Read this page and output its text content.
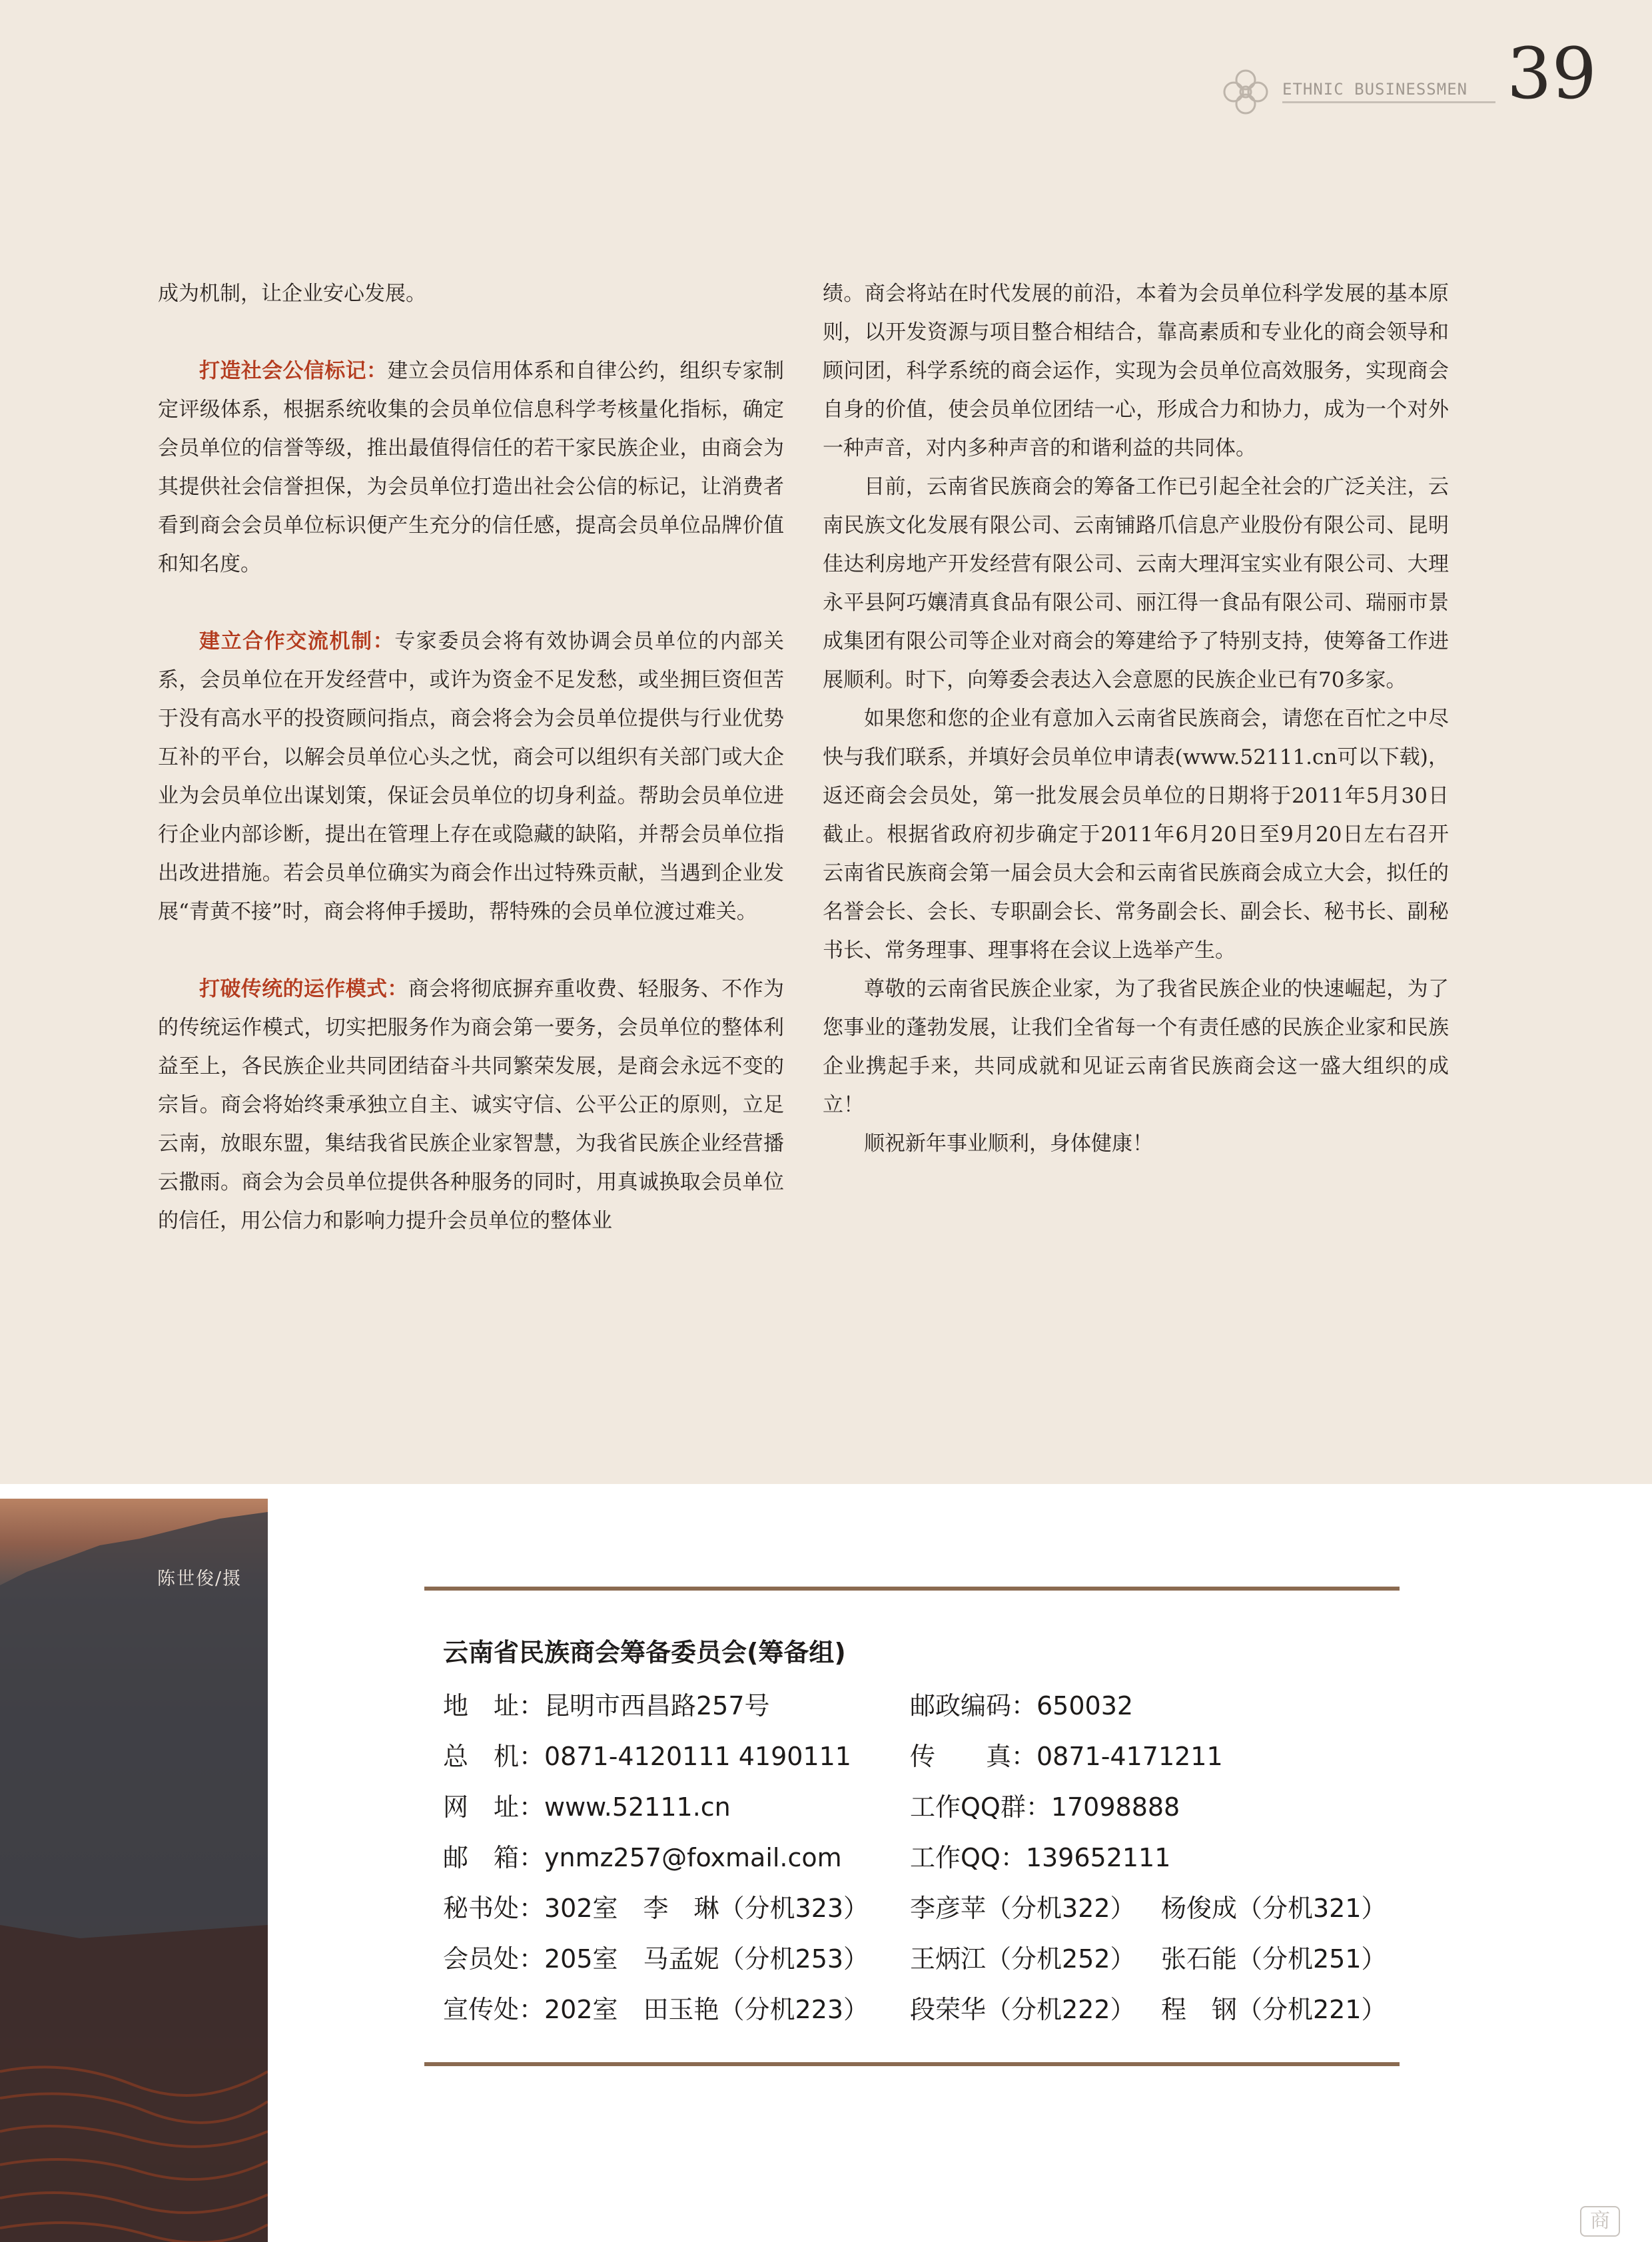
ETHNIC BUSINESSMEN 39

成为机制，让企业安心发展。

打造社会公信标记：建立会员信用体系和自律公约，组织专家制定评级体系，根据系统收集的会员单位信息科学考核量化指标，确定会员单位的信誉等级，推出最值得信任的若干家民族企业，由商会为其提供社会信誉担保，为会员单位打造出社会公信的标记，让消费者看到商会会员单位标识便产生充分的信任感，提高会员单位品牌价值和知名度。

建立合作交流机制：专家委员会将有效协调会员单位的内部关系，会员单位在开发经营中，或许为资金不足发愁，或坐拥巨资但苦于没有高水平的投资顾问指点，商会将会为会员单位提供与行业优势互补的平台，以解会员单位心头之忧，商会可以组织有关部门或大企业为会员单位出谋划策，保证会员单位的切身利益。帮助会员单位进行企业内部诊断，提出在管理上存在或隐藏的缺陷，并帮会员单位指出改进措施。若会员单位确实为商会作出过特殊贡献，当遇到企业发展“青黄不接”时，商会将伸手援助，帮特殊的会员单位渡过难关。

打破传统的运作模式：商会将彻底摒弃重收费、轻服务、不作为的传统运作模式，切实把服务作为商会第一要务，会员单位的整体利益至上，各民族企业共同团结奋斗共同繁荣发展，是商会永远不变的宗旨。商会将始终秉承独立自主、诚实守信、公平公正的原则，立足云南，放眼东盟，集结我省民族企业家智慧，为我省民族企业经营播云撒雨。商会为会员单位提供各种服务的同时，用真诚换取会员单位的信任，用公信力和影响力提升会员单位的整体业

绩。商会将站在时代发展的前沿，本着为会员单位科学发展的基本原则，以开发资源与项目整合相结合，靠高素质和专业化的商会领导和顾问团，科学系统的商会运作，实现为会员单位高效服务，实现商会自身的价值，使会员单位团结一心，形成合力和协力，成为一个对外一种声音，对内多种声音的和谐利益的共同体。

目前，云南省民族商会的筹备工作已引起全社会的广泛关注，云南民族文化发展有限公司、云南铺路爪信息产业股份有限公司、昆明佳达利房地产开发经营有限公司、云南大理洱宝实业有限公司、大理永平县阿巧孃清真食品有限公司、丽江得一食品有限公司、瑞丽市景成集团有限公司等企业对商会的筹建给予了特别支持，使筹备工作进展顺利。时下，向筹委会表达入会意愿的民族企业已有70多家。

如果您和您的企业有意加入云南省民族商会，请您在百忙之中尽快与我们联系，并填好会员单位申请表(www.52111.cn可以下载)，返还商会会员处，第一批发展会员单位的日期将于2011年5月30日截止。根据省政府初步确定于2011年6月20日至9月20日左右召开云南省民族商会第一届会员大会和云南省民族商会成立大会，拟任的名誉会长、会长、专职副会长、常务副会长、副会长、秘书长、副秘书长、常务理事、理事将在会议上选举产生。

尊敬的云南省民族企业家，为了我省民族企业的快速崛起，为了您事业的蓬勃发展，让我们全省每一个有责任感的民族企业家和民族企业携起手来，共同成就和见证云南省民族商会这一盛大组织的成立！

顺祝新年事业顺利，身体健康！

陈世俊/摄
云南省民族商会筹备委员会(筹备组)
地　址：昆明市西昌路257号	邮政编码：650032
总　机：0871-4120111 4190111 传　　真：0871-4171211
网　址：www.52111.cn	工作QQ群：17098888
邮　箱：ynmz257@foxmail.com	工作QQ：139652111
秘书处：302室　李　琳（分机323） 李彦苹（分机322） 杨俊成（分机321）
会员处：205室　马孟妮（分机253） 王炳江（分机252） 张石能（分机251）
宣传处：202室　田玉艳（分机223） 段荣华（分机222） 程　钢（分机221）
商
